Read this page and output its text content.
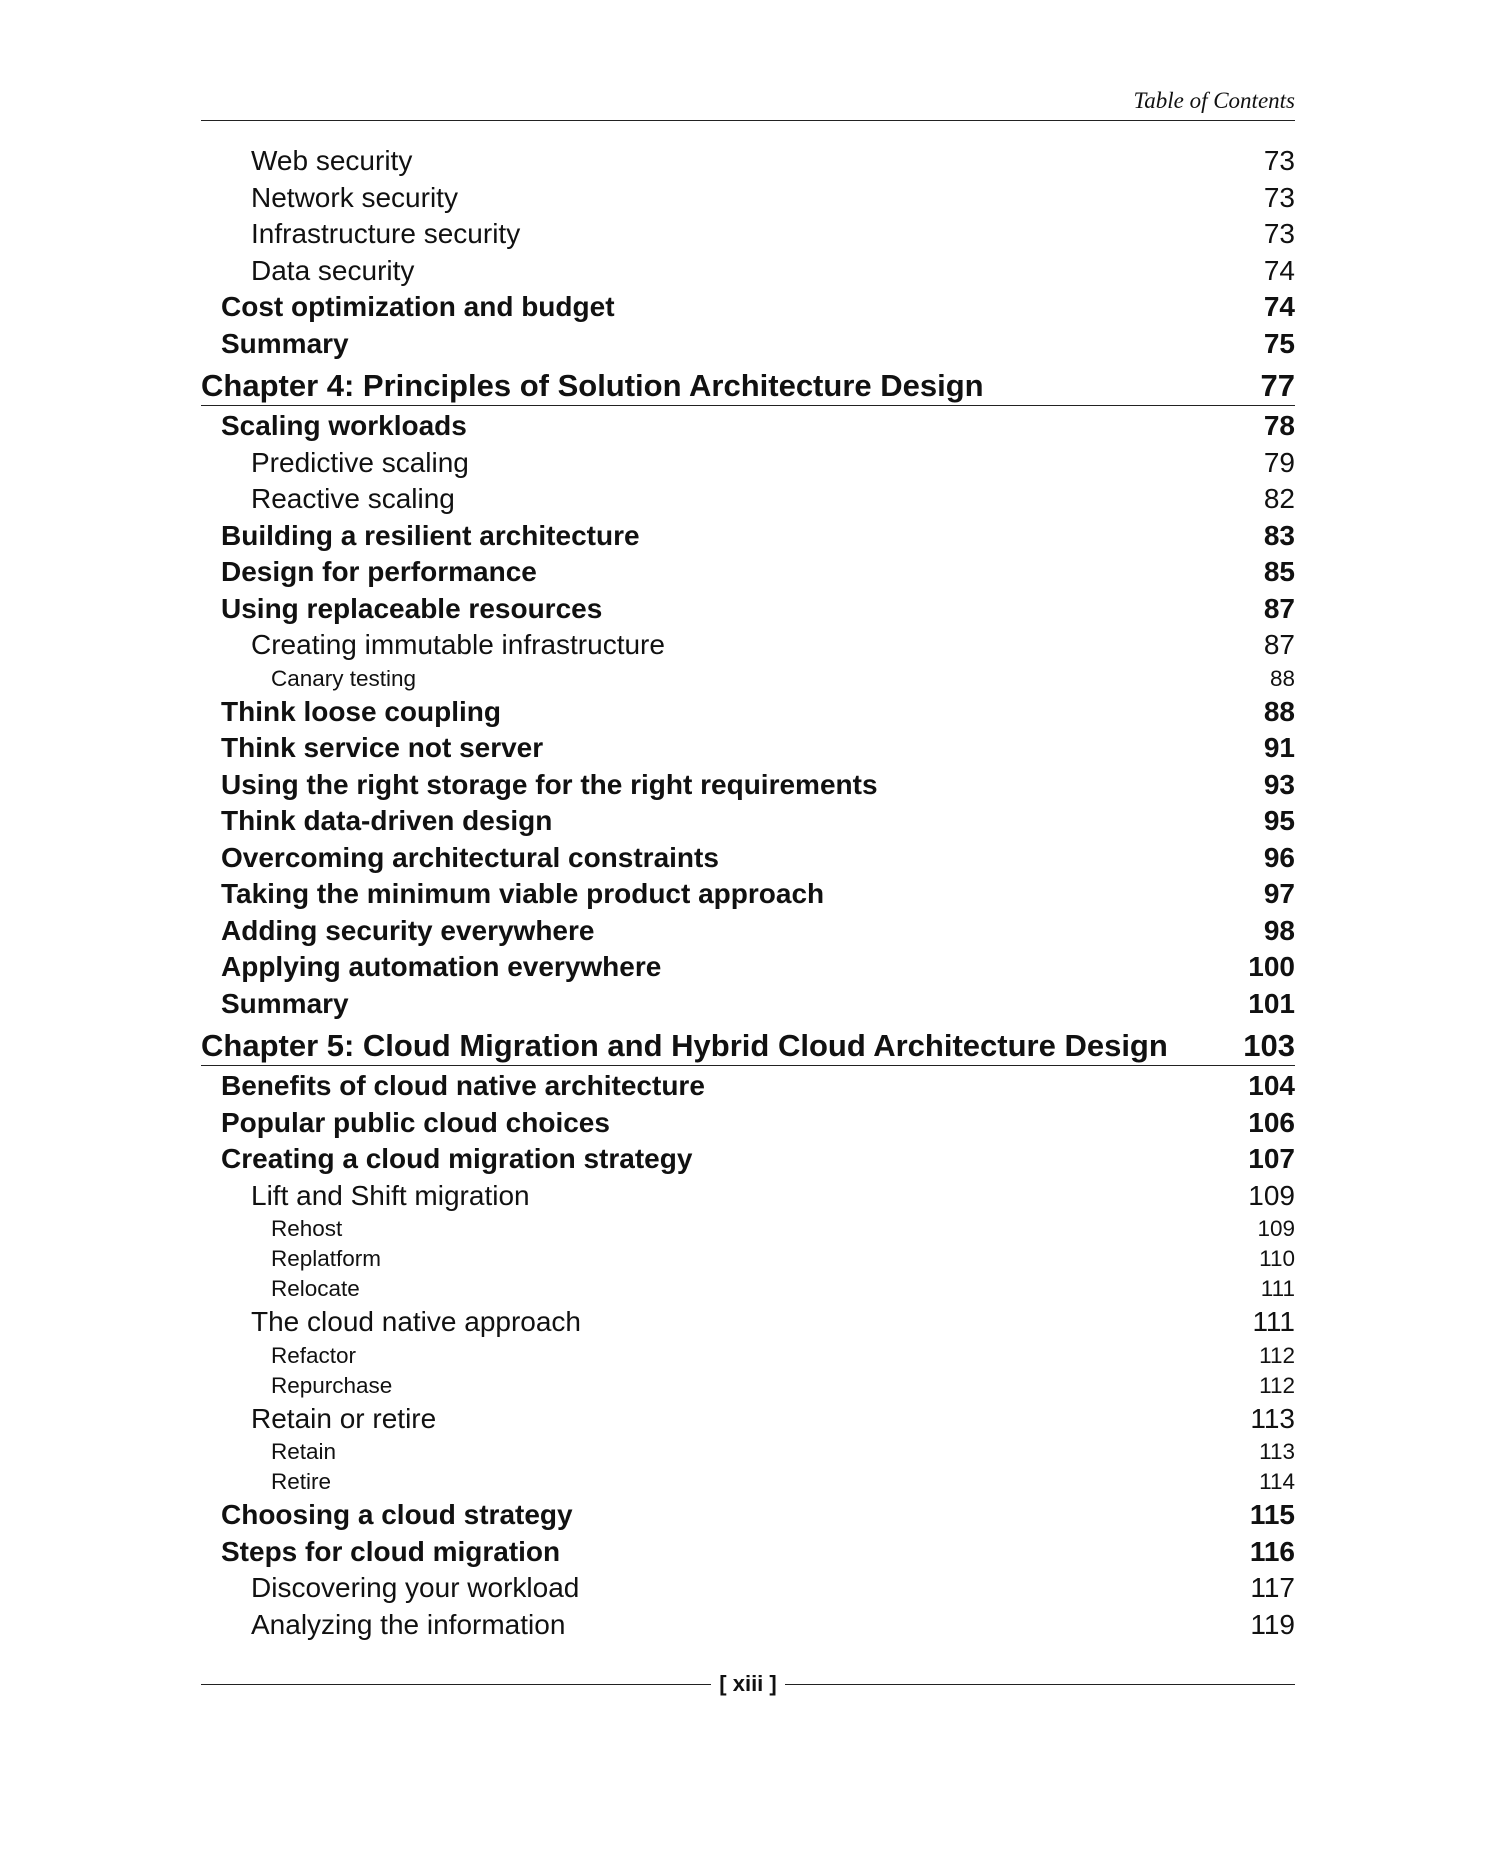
Table of Contents
Web security	73
Network security	73
Infrastructure security	73
Data security	74
Cost optimization and budget	74
Summary	75
Chapter 4: Principles of Solution Architecture Design	77
Scaling workloads	78
Predictive scaling	79
Reactive scaling	82
Building a resilient architecture	83
Design for performance	85
Using replaceable resources	87
Creating immutable infrastructure	87
Canary testing	88
Think loose coupling	88
Think service not server	91
Using the right storage for the right requirements	93
Think data-driven design	95
Overcoming architectural constraints	96
Taking the minimum viable product approach	97
Adding security everywhere	98
Applying automation everywhere	100
Summary	101
Chapter 5: Cloud Migration and Hybrid Cloud Architecture Design 103
Benefits of cloud native architecture	104
Popular public cloud choices	106
Creating a cloud migration strategy	107
Lift and Shift migration	109
Rehost	109
Replatform	110
Relocate	111
The cloud native approach	111
Refactor	112
Repurchase	112
Retain or retire	113
Retain	113
Retire	114
Choosing a cloud strategy	115
Steps for cloud migration	116
Discovering your workload	117
Analyzing the information	119
[ xiii ]
